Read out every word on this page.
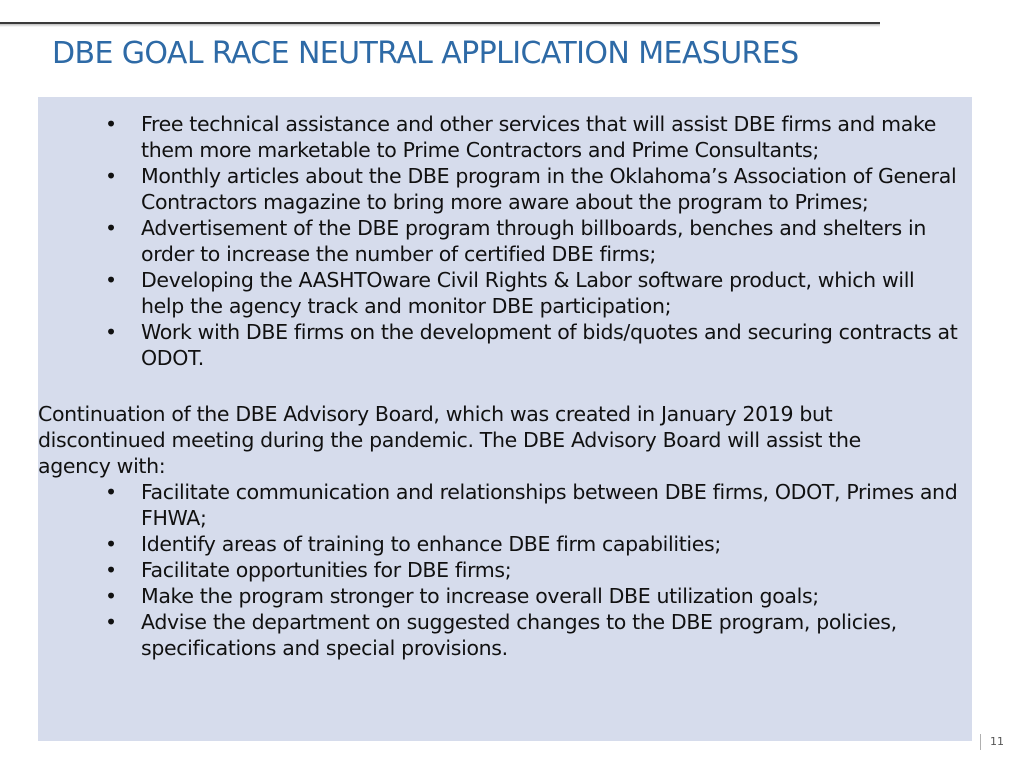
DBE GOAL RACE NEUTRAL APPLICATION MEASURES
• Free technical assistance and other services that will assist DBE firms and make them more marketable to Prime Contractors and Prime Consultants;
• Monthly articles about the DBE program in the Oklahoma’s Association of General Contractors magazine to bring more aware about the program to Primes;
• Advertisement of the DBE program through billboards, benches and shelters in order to increase the number of certified DBE firms;
• Developing the AASHTOware Civil Rights & Labor software product, which will help the agency track and monitor DBE participation;
• Work with DBE firms on the development of bids/quotes and securing contracts at ODOT.

Continuation of the DBE Advisory Board, which was created in January 2019 but discontinued meeting during the pandemic. The DBE Advisory Board will assist the agency with:

• Facilitate communication and relationships between DBE firms, ODOT, Primes and FHWA;
• Identify areas of training to enhance DBE firm capabilities;
• Facilitate opportunities for DBE firms;
• Make the program stronger to increase overall DBE utilization goals;
• Advise the department on suggested changes to the DBE program, policies, specifications and special provisions.
11
